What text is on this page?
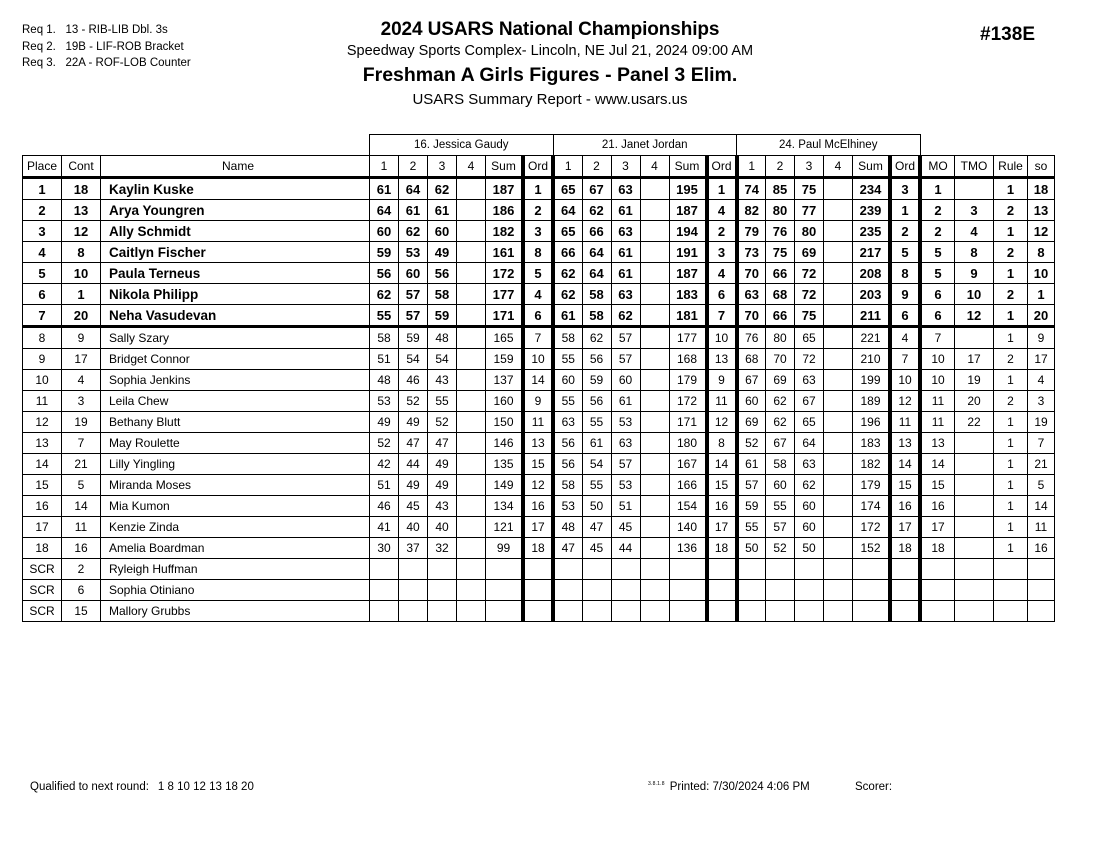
Req 1. 13 - RIB-LIB Dbl. 3s
Req 2. 19B - LIF-ROB Bracket
Req 3. 22A - ROF-LOB Counter
2024 USARS National Championships
Speedway Sports Complex- Lincoln, NE Jul 21, 2024 09:00 AM
Freshman A Girls Figures - Panel 3 Elim.
USARS Summary Report - www.usars.us
#138E
			16. Jessica Gaudy						21. Janet Jordan						24. Paul McElhiney									
Place	Cont	Name	1	2	3	4	Sum	Ord	1	2	3	4	Sum	Ord	1	2	3	4	Sum	Ord	MO	TMO	Rule	so
1	18	Kaylin Kuske	61	64	62		187	1	65	67	63		195	1	74	85	75		234	3	1		1	18
2	13	Arya Youngren	64	61	61		186	2	64	62	61		187	4	82	80	77		239	1	2	3	2	13
3	12	Ally Schmidt	60	62	60		182	3	65	66	63		194	2	79	76	80		235	2	2	4	1	12
4	8	Caitlyn Fischer	59	53	49		161	8	66	64	61		191	3	73	75	69		217	5	5	8	2	8
5	10	Paula Terneus	56	60	56		172	5	62	64	61		187	4	70	66	72		208	8	5	9	1	10
6	1	Nikola Philipp	62	57	58		177	4	62	58	63		183	6	63	68	72		203	9	6	10	2	1
7	20	Neha Vasudevan	55	57	59		171	6	61	58	62		181	7	70	66	75		211	6	6	12	1	20
8	9	Sally Szary	58	59	48		165	7	58	62	57		177	10	76	80	65		221	4	7		1	9
9	17	Bridget Connor	51	54	54		159	10	55	56	57		168	13	68	70	72		210	7	10	17	2	17
10	4	Sophia Jenkins	48	46	43		137	14	60	59	60		179	9	67	69	63		199	10	10	19	1	4
11	3	Leila Chew	53	52	55		160	9	55	56	61		172	11	60	62	67		189	12	11	20	2	3
12	19	Bethany Blutt	49	49	52		150	11	63	55	53		171	12	69	62	65		196	11	11	22	1	19
13	7	May Roulette	52	47	47		146	13	56	61	63		180	8	52	67	64		183	13	13		1	7
14	21	Lilly Yingling	42	44	49		135	15	56	54	57		167	14	61	58	63		182	14	14		1	21
15	5	Miranda Moses	51	49	49		149	12	58	55	53		166	15	57	60	62		179	15	15		1	5
16	14	Mia Kumon	46	45	43		134	16	53	50	51		154	16	59	55	60		174	16	16		1	14
17	11	Kenzie Zinda	41	40	40		121	17	48	47	45		140	17	55	57	60		172	17	17		1	11
18	16	Amelia Boardman	30	37	32		99	18	47	45	44		136	18	50	52	50		152	18	18		1	16
SCR	2	Ryleigh Huffman																						
SCR	6	Sophia Otiniano																						
SCR	15	Mallory Grubbs																						
Qualified to next round: 1 8 10 12 13 18 20	$^{3.8.1.8}$ Printed: 7/30/2024 4:06 PM	Scorer:
